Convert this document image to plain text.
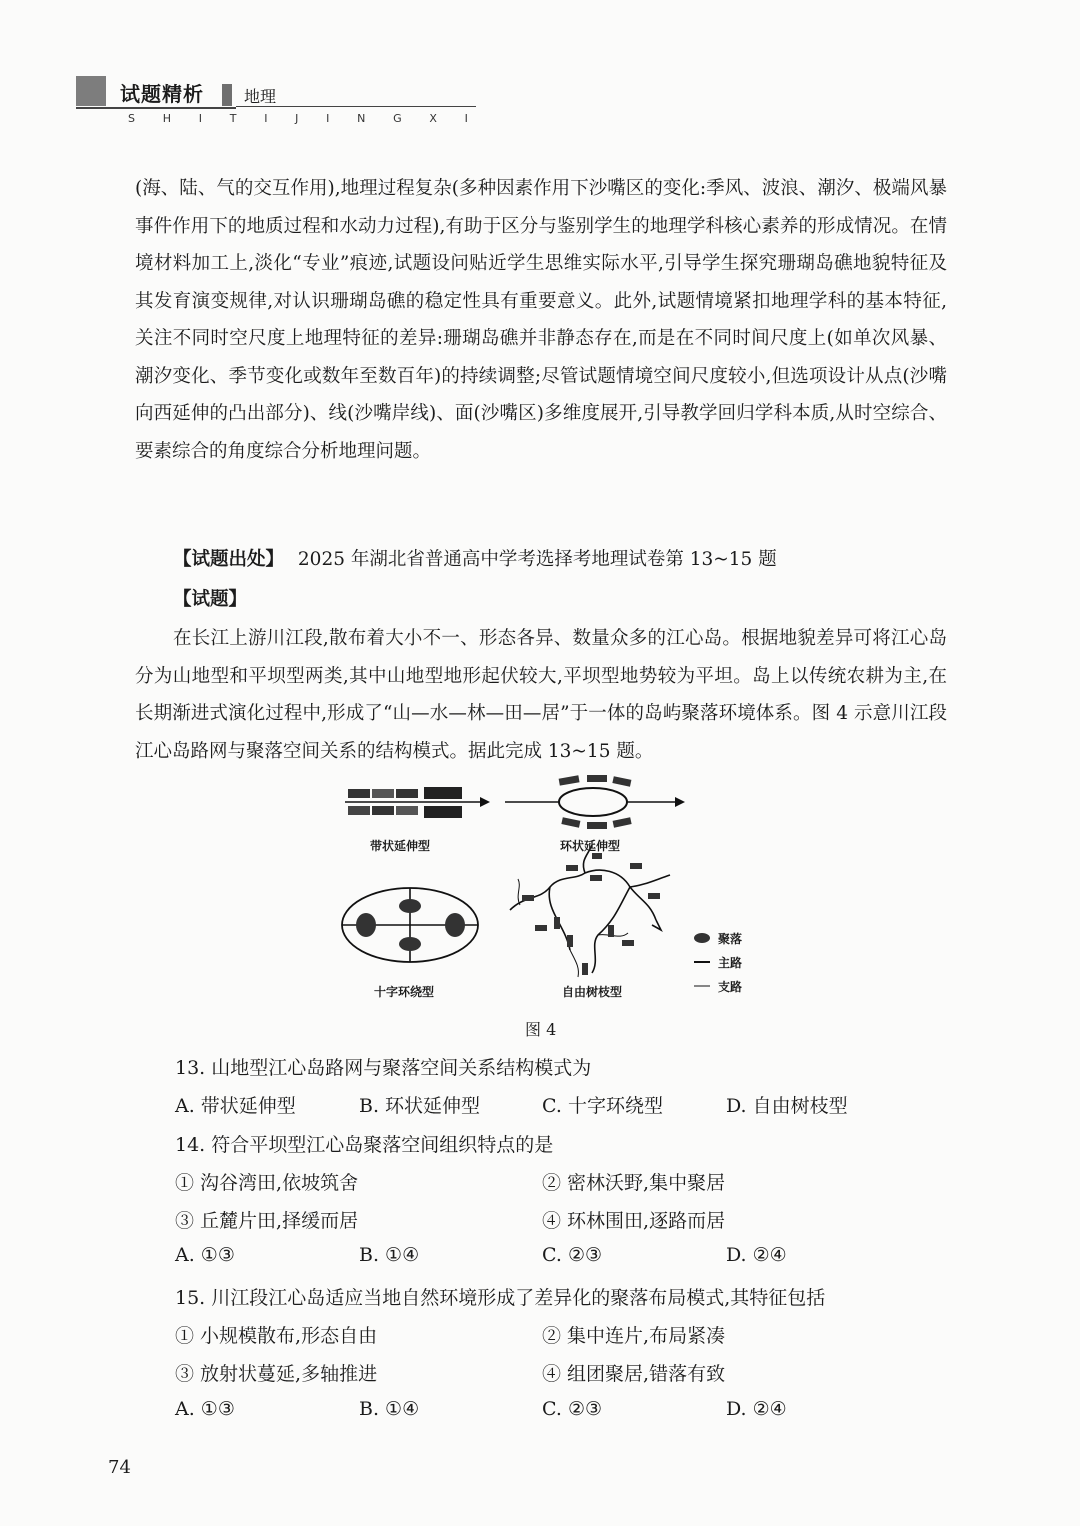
试题精析	地理
S	H	I	T	I	J	I	N	G	X	I

(海、陆、气的交互作用),地理过程复杂(多种因素作用下沙嘴区的变化:季风、波浪、潮汐、极端风暴事件作用下的地质过程和水动力过程),有助于区分与鉴别学生的地理学科核心素养的形成情况。在情境材料加工上,淡化“专业”痕迹,试题设问贴近学生思维实际水平,引导学生探究珊瑚岛礁地貌特征及其发育演变规律,对认识珊瑚岛礁的稳定性具有重要意义。此外,试题情境紧扣地理学科的基本特征,关注不同时空尺度上地理特征的差异:珊瑚岛礁并非静态存在,而是在不同时间尺度上(如单次风暴、潮汐变化、季节变化或数年至数百年)的持续调整;尽管试题情境空间尺度较小,但选项设计从点(沙嘴向西延伸的凸出部分)、线(沙嘴岸线)、面(沙嘴区)多维度展开,引导教学回归学科本质,从时空综合、要素综合的角度综合分析地理问题。

【试题出处】 2025 年湖北省普通高中学考选择考地理试卷第 13~15 题
【试题】

在长江上游川江段,散布着大小不一、形态各异、数量众多的江心岛。根据地貌差异可将江心岛分为山地型和平坝型两类,其中山地型地形起伏较大,平坝型地势较为平坦。岛上以传统农耕为主,在长期渐进式演化过程中,形成了“山—水—林—田—居”于一体的岛屿聚落环境体系。图 4 示意川江段江心岛路网与聚落空间关系的结构模式。据此完成 13~15 题。

带状延伸型	环状延伸型
十字环绕型	自由树枝型
聚落
主路
支路
图 4
13. 山地型江心岛路网与聚落空间关系结构模式为
A. 带状延伸型	B. 环状延伸型	C. 十字环绕型	D. 自由树枝型
14. 符合平坝型江心岛聚落空间组织特点的是
① 沟谷湾田,依坡筑舍	② 密林沃野,集中聚居
③ 丘麓片田,择缓而居	④ 环林围田,逐路而居
A. ①③	B. ①④	C. ②③	D. ②④
15. 川江段江心岛适应当地自然环境形成了差异化的聚落布局模式,其特征包括
① 小规模散布,形态自由	② 集中连片,布局紧凑
③ 放射状蔓延,多轴推进	④ 组团聚居,错落有致
A. ①③	B. ①④	C. ②③	D. ②④
74
